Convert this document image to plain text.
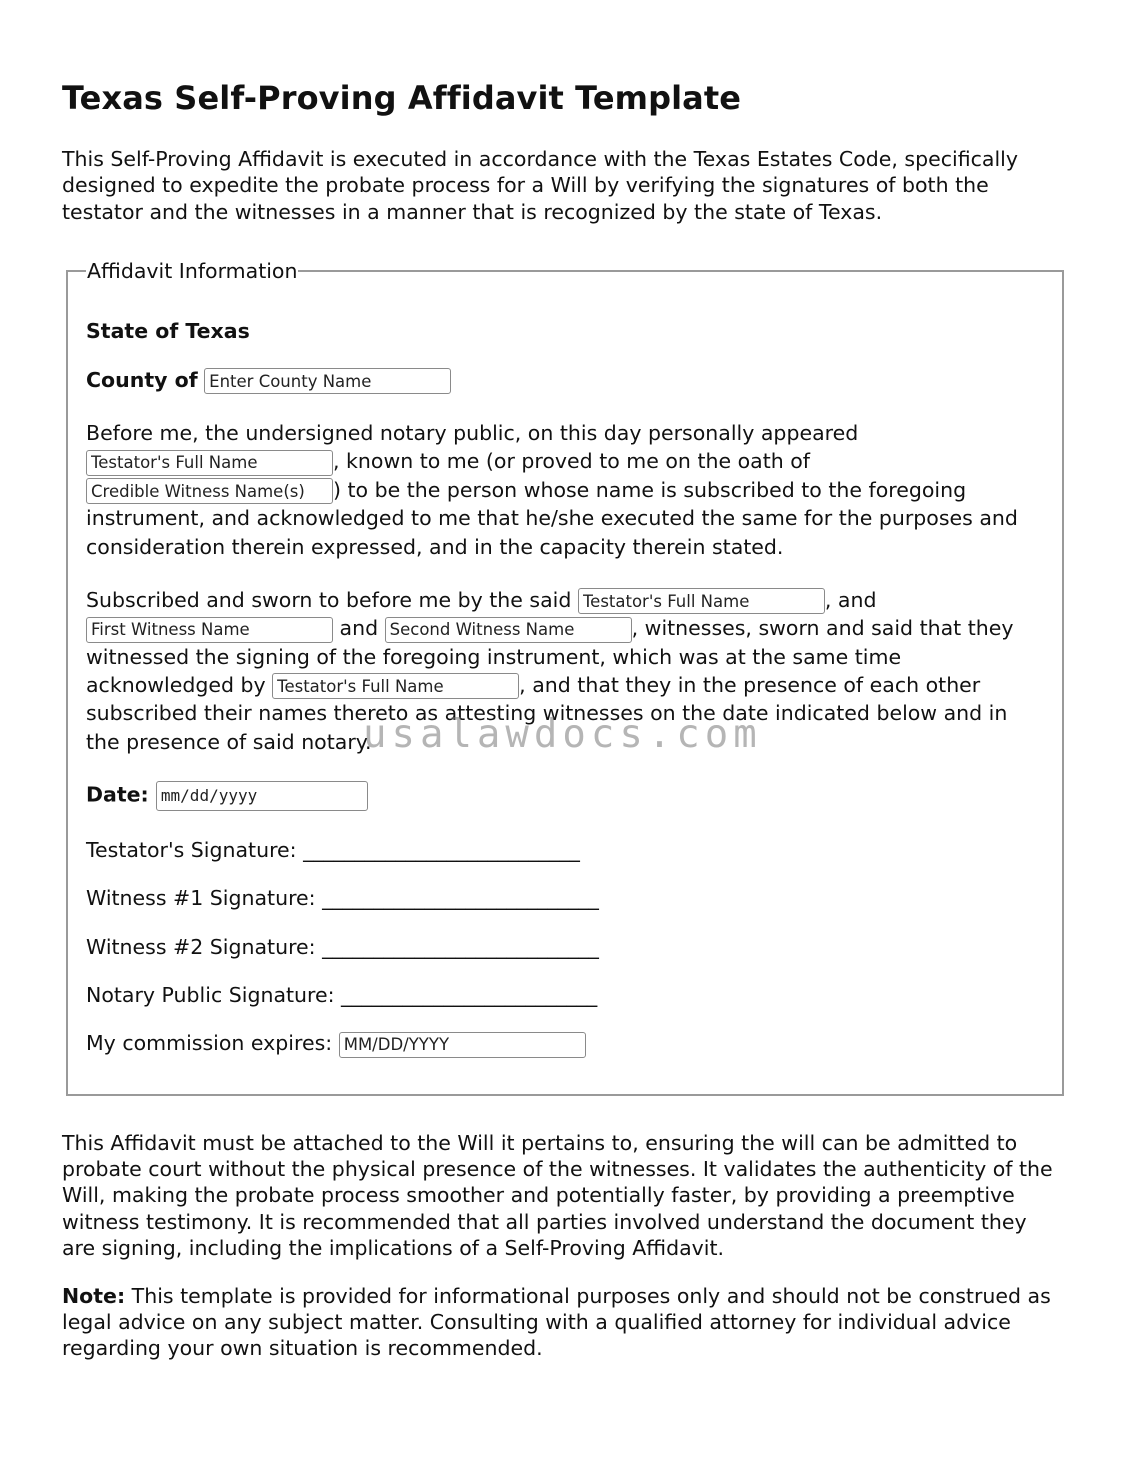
Texas Self-Proving Affidavit Template

This Self-Proving Affidavit is executed in accordance with the Texas Estates Code, specifically designed to expedite the probate process for a Will by verifying the signatures of both the testator and the witnesses in a manner that is recognized by the state of Texas.

Affidavit Information

State of Texas

County of Enter County Name

Before me, the undersigned notary public, on this day personally appeared
Testator's Full Name, known to me (or proved to me on the oath of
Credible Witness Name(s)) to be the person whose name is subscribed to the foregoing instrument, and acknowledged to me that he/she executed the same for the purposes and consideration therein expressed, and in the capacity therein stated.

Subscribed and sworn to before me by the said Testator's Full Name	, and
First Witness Name and Second Witness Name	, witnesses, sworn and said that they witnessed the signing of the foregoing instrument, which was at the same time acknowledged by Testator's Full Name	, and that they in the presence of each other subscribed their names thereto as attesting witnesses on the date indicated below and in the presence of said notary.

Date: mm/dd/yyyy

Testator's Signature: ___________________________

Witness #1 Signature: ___________________________

Witness #2 Signature: ___________________________

Notary Public Signature: _________________________

My commission expires: MM/DD/YYYY

This Affidavit must be attached to the Will it pertains to, ensuring the will can be admitted to probate court without the physical presence of the witnesses. It validates the authenticity of the Will, making the probate process smoother and potentially faster, by providing a preemptive witness testimony. It is recommended that all parties involved understand the document they are signing, including the implications of a Self-Proving Affidavit.

Note: This template is provided for informational purposes only and should not be construed as legal advice on any subject matter. Consulting with a qualified attorney for individual advice regarding your own situation is recommended.

usalawdocs.com
